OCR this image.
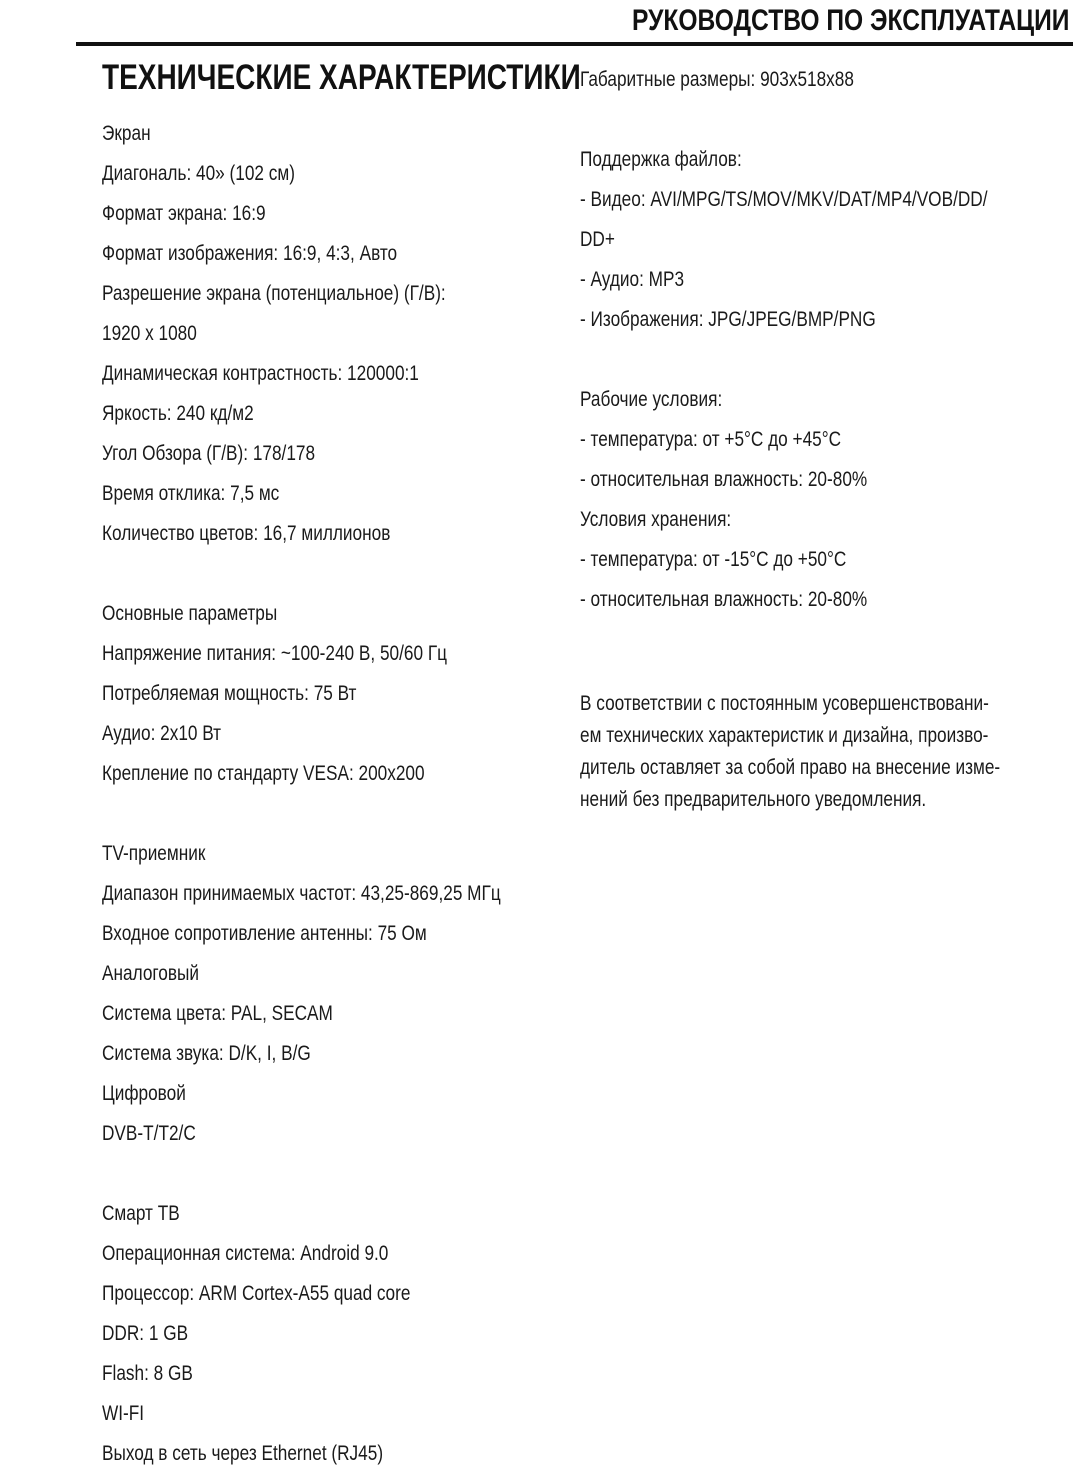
РУКОВОДСТВО ПО ЭКСПЛУАТАЦИИ
ТЕХНИЧЕСКИЕ ХАРАКТЕРИСТИКИ
Экран
Диагональ: 40» (102 см)
Формат экрана: 16:9
Формат изображения: 16:9, 4:3, Авто
Разрешение экрана (потенциальное) (Г/В):
1920 х 1080
Динамическая контрастность: 120000:1
Яркость: 240 кд/м2
Угол Обзора (Г/В): 178/178
Время отклика: 7,5 мс
Количество цветов: 16,7 миллионов
Основные параметры
Напряжение питания: ~100-240 В, 50/60 Гц
Потребляемая мощность: 75 Вт
Аудио: 2х10 Вт
Крепление по стандарту VESA: 200х200
TV-приемник
Диапазон принимаемых частот: 43,25-869,25 МГц
Входное сопротивление антенны: 75 Ом
Аналоговый
Система цвета: PAL, SECAM
Система звука: D/K, I, B/G
Цифровой
DVB-T/T2/C
Смарт ТВ
Операционная система: Android 9.0
Процессор: ARM Cortex-A55 quad core
DDR: 1 GB
Flash: 8 GB
WI-FI
Выход в сеть через Ethernet (RJ45)
Габаритные размеры: 903х518х88
Поддержка файлов:
- Видео: AVI/MPG/TS/MOV/MKV/DAT/MP4/VOB/DD/
DD+
- Аудио: MP3
- Изображения: JPG/JPEG/BMP/PNG
Рабочие условия:
- температура: от +5°С до +45°С
- относительная влажность: 20-80%
Условия хранения:
- температура: от -15°С до +50°С
- относительная влажность: 20-80%
В соответствии с постоянным усовершенствовани-
ем технических характеристик и дизайна, произво-
дитель оставляет за собой право на внесение изме-
нений без предварительного уведомления.
